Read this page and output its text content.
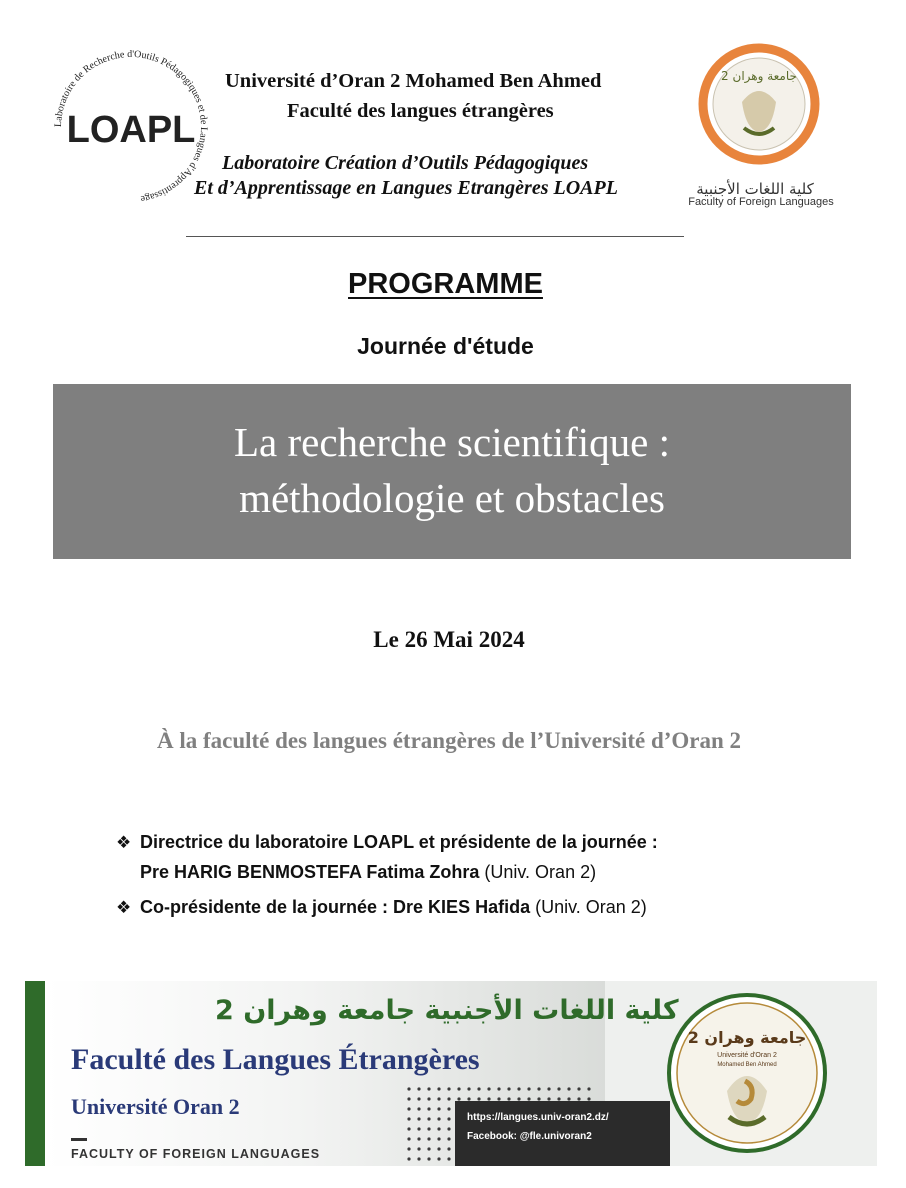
Laboratoire de Recherche d'Outils Pédagogiques et de Langues d'Apprentissage
LOAPL
Université d’Oran 2 Mohamed Ben Ahmed
Faculté des langues étrangères
Laboratoire Création d’Outils Pédagogiques
Et d’Apprentissage en Langues Etrangères LOAPL
جامعة وهران 2
كلية اللغات الأجنبية
Faculty of Foreign Languages
PROGRAMME
Journée d'étude
La recherche scientifique :
méthodologie et obstacles
Le 26 Mai 2024
À la faculté des langues étrangères de l’Université d’Oran 2
❖ Directrice du laboratoire LOAPL et présidente de la journée :
Pre HARIG BENMOSTEFA Fatima Zohra (Univ. Oran 2)
❖ Co-présidente de la journée : Dre KIES Hafida (Univ. Oran 2)
كلية اللغات الأجنبية جامعة وهران 2
Faculté des Langues Étrangères
Université Oran 2
FACULTY OF FOREIGN LANGUAGES
https://langues.univ-oran2.dz/
Facebook: @fle.univoran2
جامعة وهران 2
Université d'Oran 2
Mohamed Ben Ahmed
